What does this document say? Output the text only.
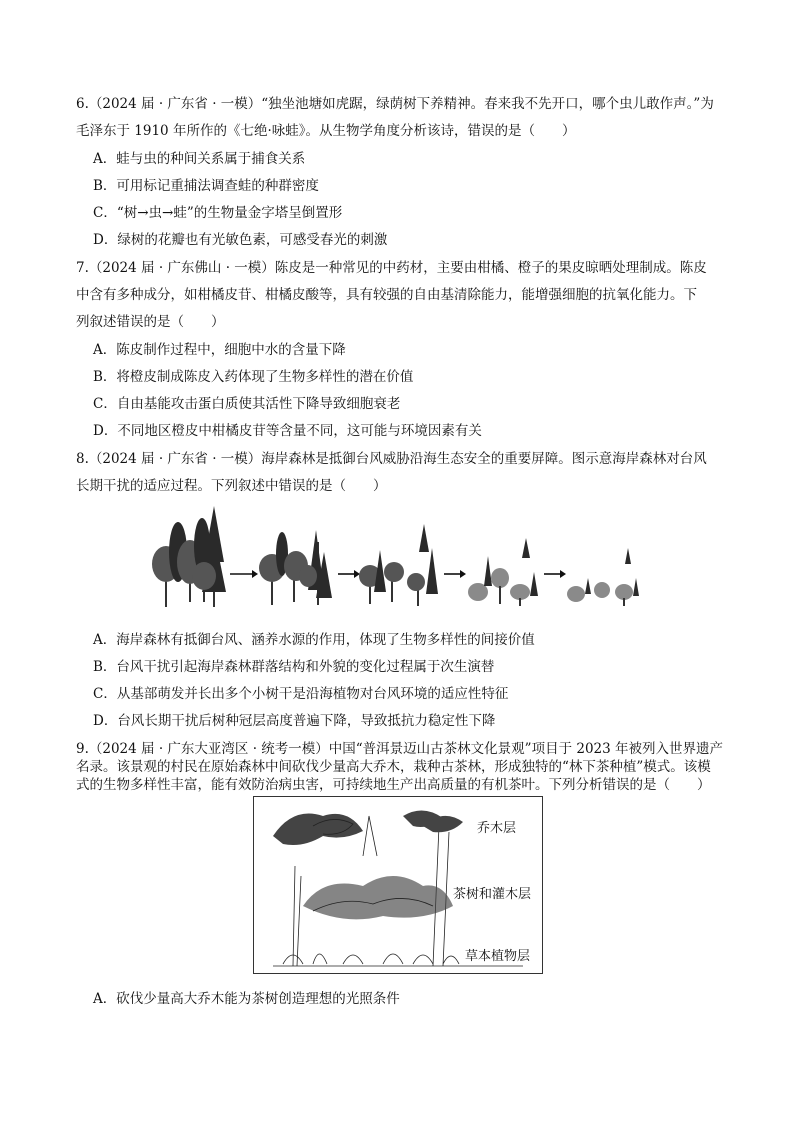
6.（2024 届 · 广东省 · 一模）“独坐池塘如虎踞，绿荫树下养精神。春来我不先开口，哪个虫儿敢作声。”为
毛泽东于 1910 年所作的《七绝·咏蛙》。从生物学角度分析该诗，错误的是（　　）
A．蛙与虫的种间关系属于捕食关系
B．可用标记重捕法调查蛙的种群密度
C．“树→虫→蛙”的生物量金字塔呈倒置形
D．绿树的花瓣也有光敏色素，可感受春光的刺激
7.（2024 届 · 广东佛山 · 一模）陈皮是一种常见的中药材，主要由柑橘、橙子的果皮晾晒处理制成。陈皮
中含有多种成分，如柑橘皮苷、柑橘皮酸等，具有较强的自由基清除能力，能增强细胞的抗氧化能力。下
列叙述错误的是（　　）
A．陈皮制作过程中，细胞中水的含量下降
B．将橙皮制成陈皮入药体现了生物多样性的潜在价值
C．自由基能攻击蛋白质使其活性下降导致细胞衰老
D．不同地区橙皮中柑橘皮苷等含量不同，这可能与环境因素有关
8.（2024 届 · 广东省 · 一模）海岸森林是抵御台风威胁沿海生态安全的重要屏障。图示意海岸森林对台风
长期干扰的适应过程。下列叙述中错误的是（　　）
A．海岸森林有抵御台风、涵养水源的作用，体现了生物多样性的间接价值
B．台风干扰引起海岸森林群落结构和外貌的变化过程属于次生演替
C．从基部萌发并长出多个小树干是沿海植物对台风环境的适应性特征
D．台风长期干扰后树种冠层高度普遍下降，导致抵抗力稳定性下降
9.（2024 届 · 广东大亚湾区 · 统考一模）中国“普洱景迈山古茶林文化景观”项目于 2023 年被列入世界遗产
名录。该景观的村民在原始森林中间砍伐少量高大乔木，栽种古茶林，形成独特的“林下茶种植”模式。该模
式的生物多样性丰富，能有效防治病虫害，可持续地生产出高质量的有机茶叶。下列分析错误的是（　　）
乔木层
茶树和灌木层
草本植物层
A．砍伐少量高大乔木能为茶树创造理想的光照条件
